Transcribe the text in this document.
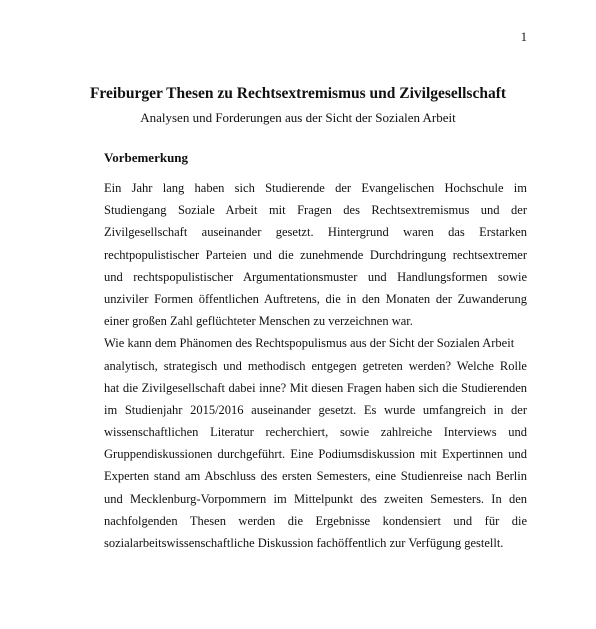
1
Freiburger Thesen zu Rechtsextremismus und Zivilgesellschaft
Analysen und Forderungen aus der Sicht der Sozialen Arbeit
Vorbemerkung
Ein Jahr lang haben sich Studierende der Evangelischen Hochschule im
Studiengang Soziale Arbeit mit Fragen des Rechtsextremismus und der
Zivilgesellschaft auseinander gesetzt. Hintergrund waren das Erstarken
rechtpopulistischer Parteien und die zunehmende Durchdringung rechtsextremer
und rechtspopulistischer Argumentationsmuster und Handlungsformen sowie
unziviler Formen öffentlichen Auftretens, die in den Monaten der Zuwanderung
einer großen Zahl geflüchteter Menschen zu verzeichnen war.
Wie kann dem Phänomen des Rechtspopulismus aus der Sicht der Sozialen Arbeit
analytisch, strategisch und methodisch entgegen getreten werden? Welche Rolle
hat die Zivilgesellschaft dabei inne? Mit diesen Fragen haben sich die Studierenden
im Studienjahr 2015/2016 auseinander gesetzt. Es wurde umfangreich in der
wissenschaftlichen Literatur recherchiert, sowie zahlreiche Interviews und
Gruppendiskussionen durchgeführt. Eine Podiumsdiskussion mit Expertinnen und
Experten stand am Abschluss des ersten Semesters, eine Studienreise nach Berlin
und Mecklenburg-Vorpommern im Mittelpunkt des zweiten Semesters. In den
nachfolgenden Thesen werden die Ergebnisse kondensiert und für die
sozialarbeitswissenschaftliche Diskussion fachöffentlich zur Verfügung gestellt.
